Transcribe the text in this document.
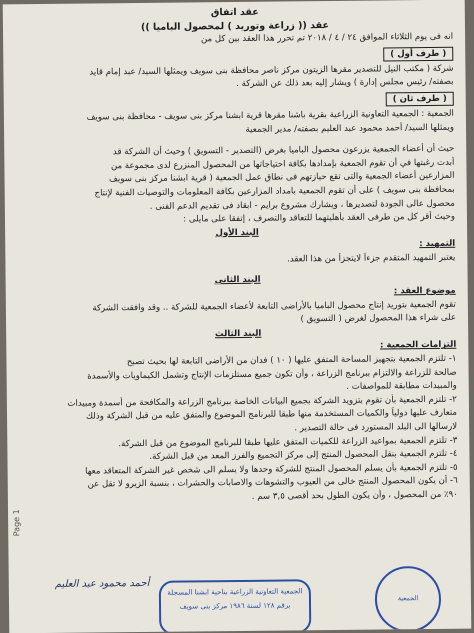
عقد اتفاق
عقد (( زراعة وتوريد ) لمحصول الباميا ))
انه فى يوم الثلاثاء الموافق ٢٤ / ٤ / ٢٠١٨ تم تحرر هذا العقد بين كل من
( طرف أول )
شركة ( مكتب النيل للتصدير مقرها الزيتون مركز ناصر محافظة بنى سويف ويمثلها السيد/ عبد إمام قايد
بصفته/ رئيس مجلس إدارة ) ويشار إليه بعد ذلك عن الشركة .
( طرف ثان )
الجمعية : الجمعية التعاونية الزراعية بقرية باشنا مقرها قرية ابشنا مركز بنى سويف - محافظة بنى سويف
ويمثلها السيد/ أحمد محمود عبد العليم بصفته/ مدير الجمعية
حيث أن أعضاء الجمعية يزرعون محصول الباميا بغرض (التصدير - التسويق ) وحيث أن الشركة قد
أبدت رغبتها في أن تقوم الجمعية بإمدادها بكافة احتياجاتها من المحصول المنزرع لدى مجموعة من
المزارعين أعضاء الجمعية والتى تقع حيازتهم فى نطاق عمل الجمعية ( قرية ابشنا مركز بنى سويف
بمحافظة بنى سويف ) على أن تقوم الجمعية بامداد المزارعين بكافة المعلومات والتوصيات الفنية لإنتاج
محصول عالى الجودة لتصديرها ، ويشارك مشروع برايم - ابقاد فى تقديم الدعم الفنى .
وحيث أقر كل من طرفى العقد بأهليتهما للتعاقد والتصرف ، إتفقا على مايلى :
البند الأول
التمهيد :
يعتبر التمهيد المتقدم جزءاً لايتجزأ من هذا العقد.
البند الثانى
موضوع العقد :
تقوم الجمعية بتوريد إنتاج محصول الباميا بالأراضى التابعة لأعضاء الجمعية للشركة .. وقد وافقت الشركة
على شراء هذا المحصول لغرض ( التسويق )
البند الثالث
التزامات الجمعية :
١- تلتزم الجمعية بتجهيز المساحة المتفق عليها ( ١٠ ) فدان من الأراضى التابعة لها بحيث تصبح
صالحة للزراعة والالتزام ببرنامج الزراعة ، وأن تكون جميع مستلزمات الإنتاج وتشمل الكيماويات والأسمدة
والمبيدات مطابقة للمواصفات .
٢- تلتزم الجمعية بأن تقوم بتزويد الشركة بجميع البيانات الخاصة ببرنامج الزراعة والمكافحة من أسمدة ومبيدات
متعارف عليها دولياً والكميات المستخدمة منها طبقا للبرنامج الموضوع والمتفق عليه من قبل الشركة وذلك
لارسالها الى البلد المستورد فى حالة التصدير .
٣- تلتزم الجمعية بمواعيد الزراعة للكميات المتفق عليها طبقا للبرنامج الموضوع من قبل الشركة.
٤- تلتزم الجمعية بنقل المحصول المنتج إلى مركز التجميع والفرز المعد من قبل الشركة.
٥- تلتزم الجمعية بأن يسلم المحصول المنتج للشركة وحدها ولا يسلم الى شخص غير الشركة المتعاقد معها
٦- أن يكون المحصول المنتج خالى من العيوب والتشوهات والاصابات والحشرات ، بنسبة الزيرو لا تقل عن
٩٠٪ من المحصول ، وأن يكون الطول بحد أقصى ٣,٥ سم .
Page 1
الجمعية التعاونية الزراعية بناحية ابشنا المسجلة برقم ١٢٨ لسنة ١٩٨٦ مركز بنى سويف
الجمعية
أحمد محمود عبد العليم
